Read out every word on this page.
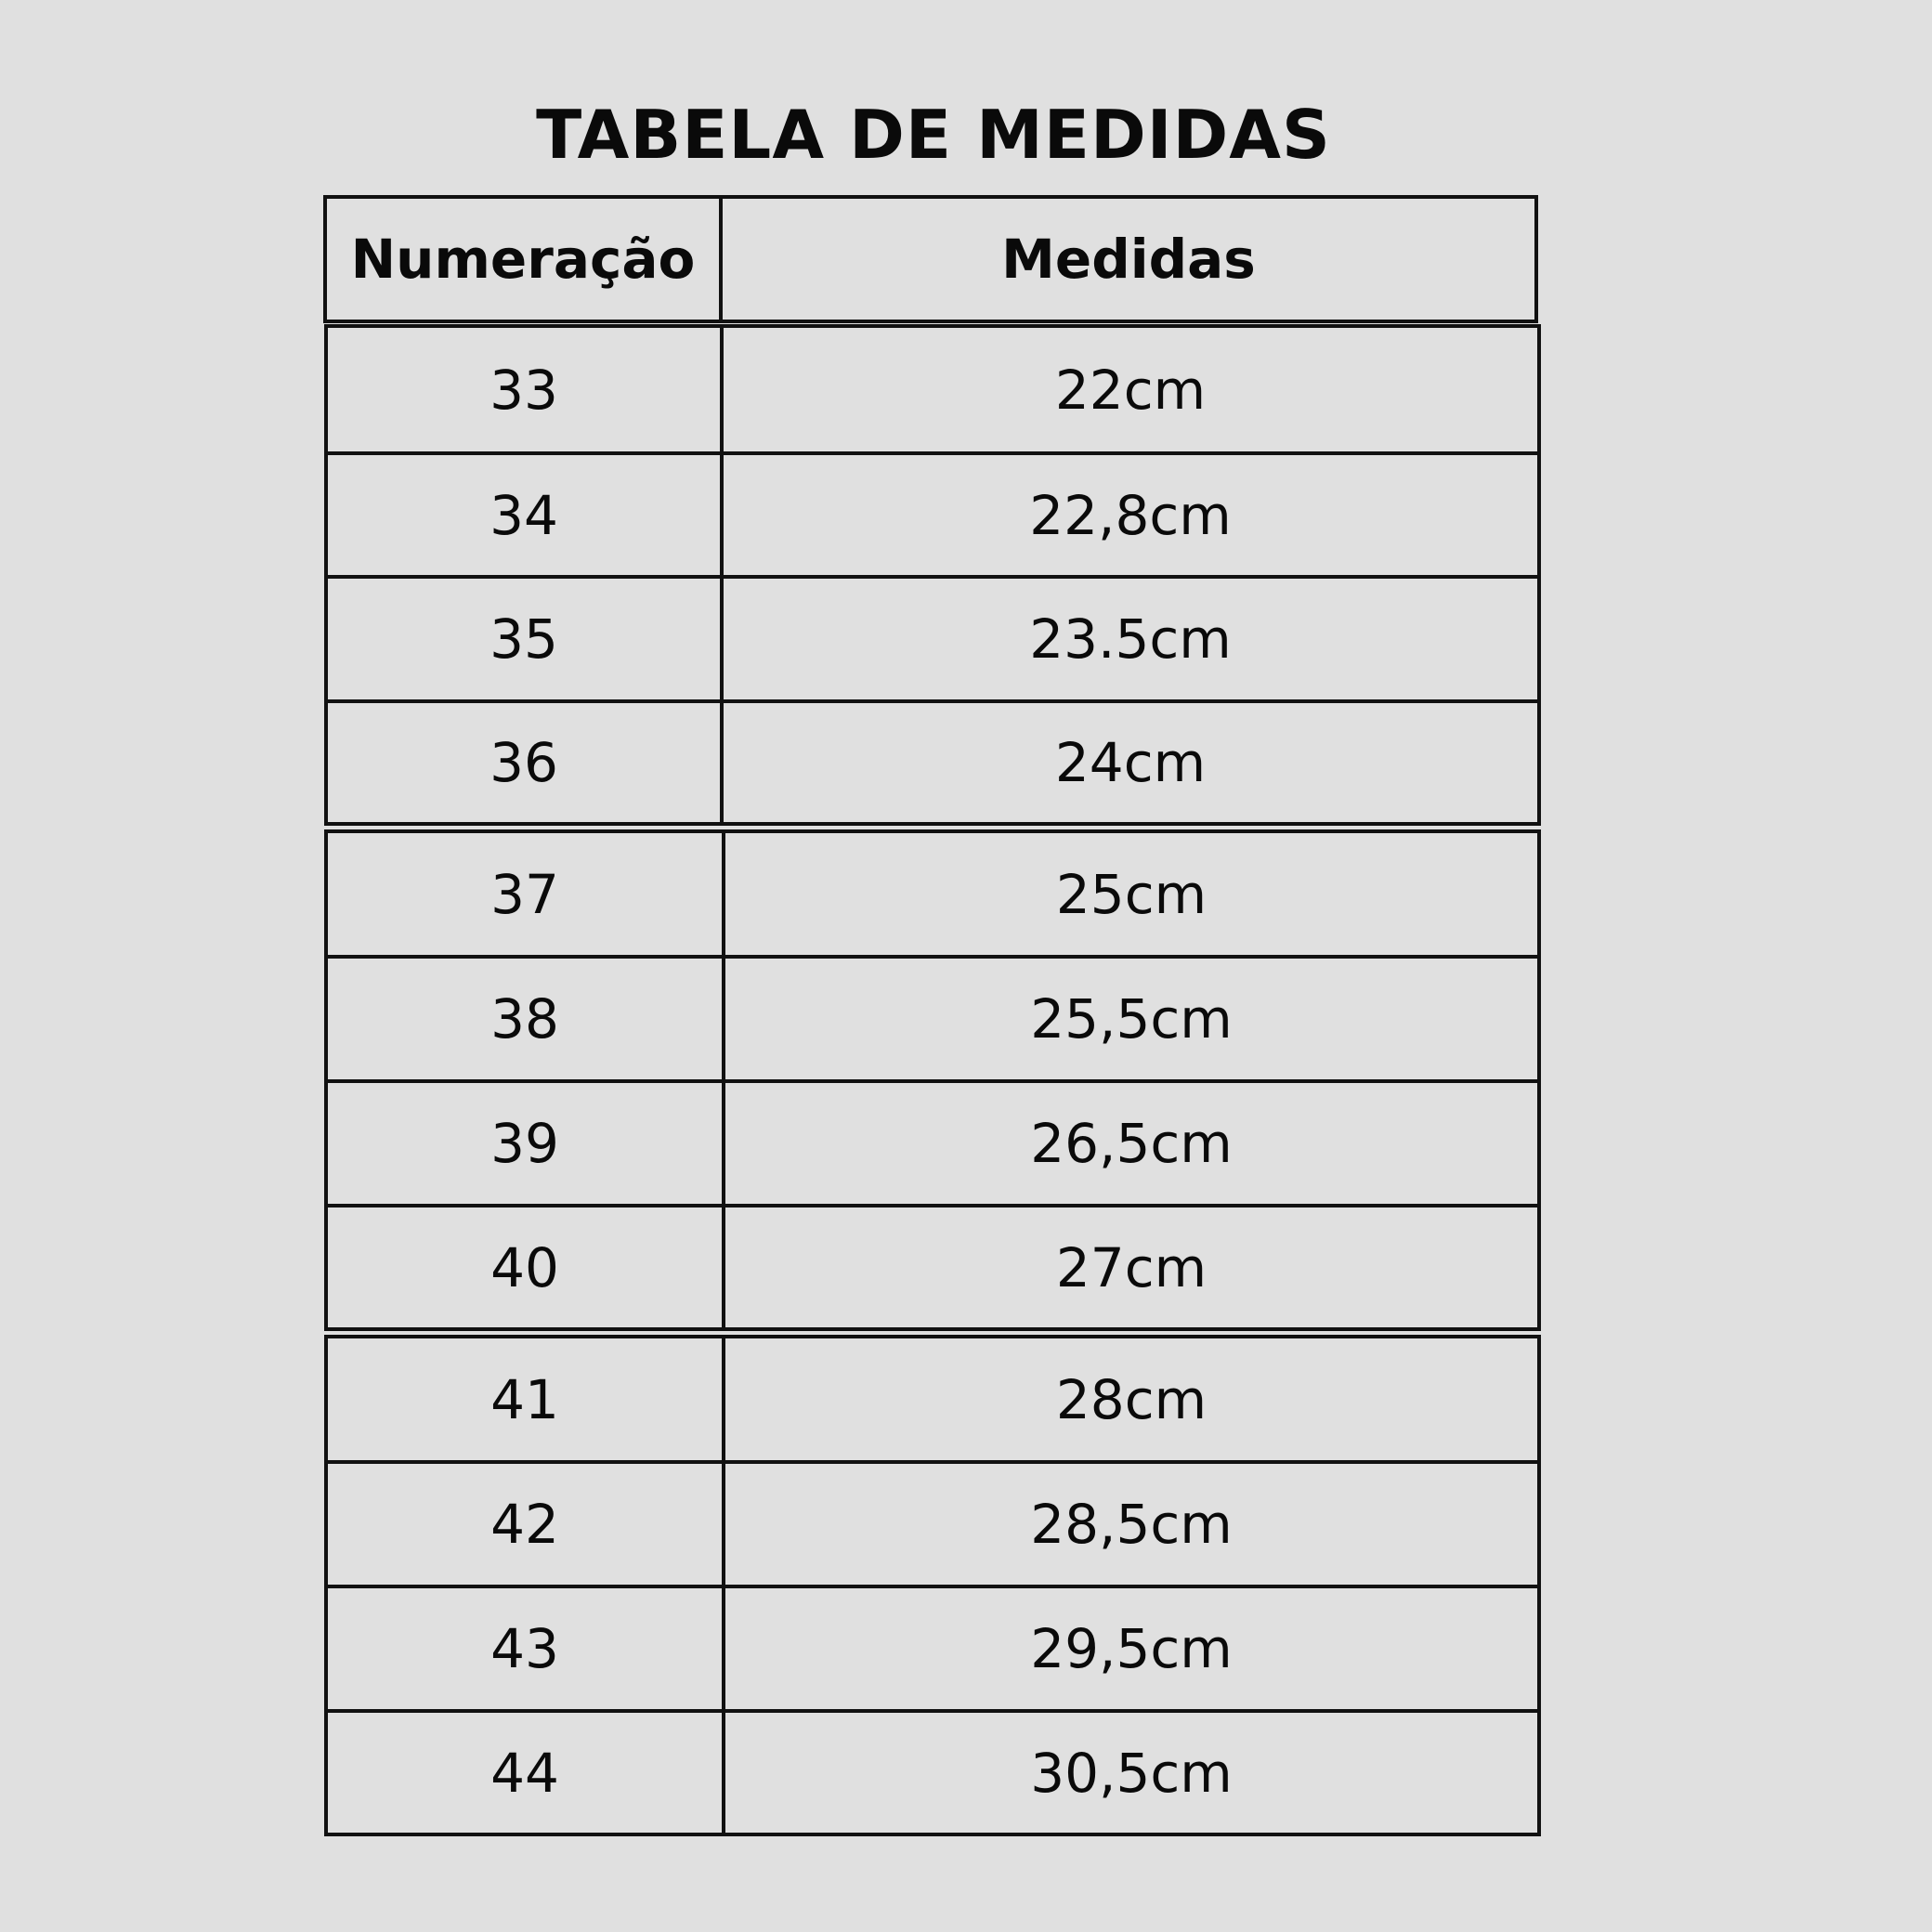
TABELA DE MEDIDAS
Numeração	Medidas
33	22cm
34	22,8cm
35	23.5cm
36	24cm
37	25cm
38	25,5cm
39	26,5cm
40	27cm
41	28cm
42	28,5cm
43	29,5cm
44	30,5cm
